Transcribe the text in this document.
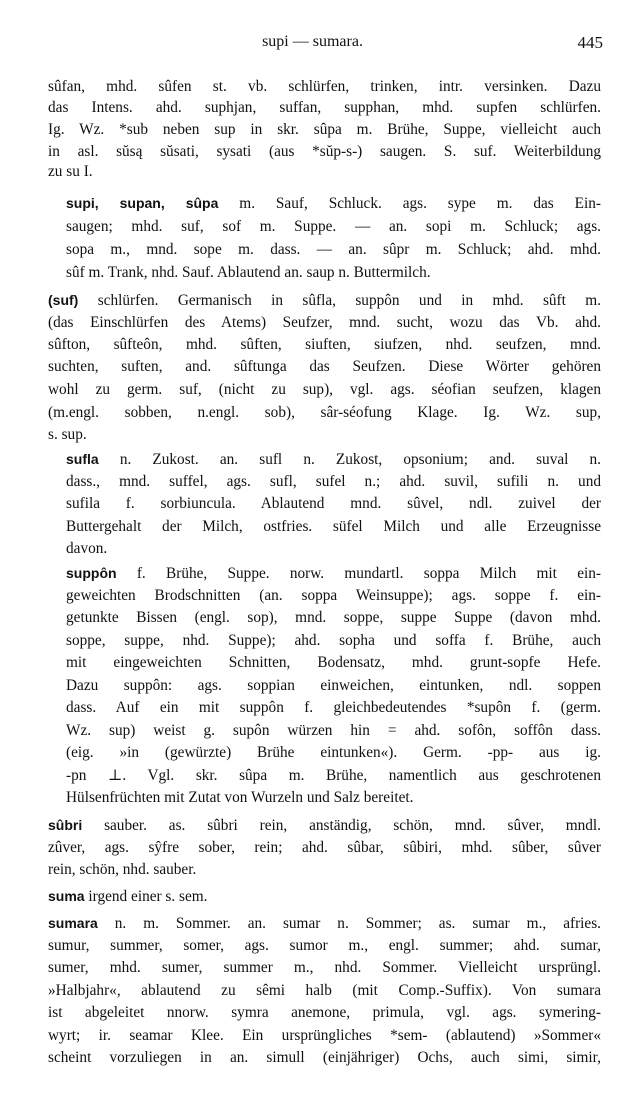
supi — sumara.	445
sûfan, mhd. sûfen st. vb. schlürfen, trinken, intr. versinken. Dazu
das Intens. ahd. suphjan, suffan, supphan, mhd. supfen schlürfen.
Ig. Wz. *sub neben sup in skr. sûpa m. Brühe, Suppe, vielleicht auch
in asl. sŭsą sŭsati, sysati (aus *sŭp-s-) saugen. S. suf. Weiterbildung
zu su I.
supi, supan, sûpa m. Sauf, Schluck. ags. sype m. das Ein-
saugen; mhd. suf, sof m. Suppe. — an. sopi m. Schluck; ags.
sopa m., mnd. sope m. dass. — an. sûpr m. Schluck; ahd. mhd.
sûf m. Trank, nhd. Sauf. Ablautend an. saup n. Buttermilch.
(suf) schlürfen. Germanisch in sûfla, suppôn und in mhd. sûft m.
(das Einschlürfen des Atems) Seufzer, mnd. sucht, wozu das Vb. ahd.
sûfton, sûfteôn, mhd. sûften, siuften, siufzen, nhd. seufzen, mnd.
suchten, suften, and. sûftunga das Seufzen. Diese Wörter gehören
wohl zu germ. suf, (nicht zu sup), vgl. ags. séofian seufzen, klagen
(m.engl. sobben, n.engl. sob), sâr-séofung Klage. Ig. Wz. sup,
s. sup.
sufla n. Zukost. an. sufl n. Zukost, opsonium; and. suval n.
dass., mnd. suffel, ags. sufl, sufel n.; ahd. suvil, sufili n. und
sufila f. sorbiuncula. Ablautend mnd. sûvel, ndl. zuivel der
Buttergehalt der Milch, ostfries. süfel Milch und alle Erzeugnisse
davon.
suppôn f. Brühe, Suppe. norw. mundartl. soppa Milch mit ein-
geweichten Brodschnitten (an. soppa Weinsuppe); ags. soppe f. ein-
getunkte Bissen (engl. sop), mnd. soppe, suppe Suppe (davon mhd.
soppe, suppe, nhd. Suppe); ahd. sopha und soffa f. Brühe, auch
mit eingeweichten Schnitten, Bodensatz, mhd. grunt-sopfe Hefe.
Dazu suppôn: ags. soppian einweichen, eintunken, ndl. soppen
dass. Auf ein mit suppôn f. gleichbedeutendes *supôn f. (germ.
Wz. sup) weist g. supôn würzen hin = ahd. sofôn, soffôn dass.
(eig. »in (gewürzte) Brühe eintunken«). Germ. -pp- aus ig.
-pn ⊥. Vgl. skr. sûpa m. Brühe, namentlich aus geschrotenen
Hülsenfrüchten mit Zutat von Wurzeln und Salz bereitet.
sûbri sauber. as. sûbri rein, anständig, schön, mnd. sûver, mndl.
zûver, ags. sŷfre sober, rein; ahd. sûbar, sûbiri, mhd. sûber, sûver
rein, schön, nhd. sauber.
suma irgend einer s. sem.
sumara n. m. Sommer. an. sumar n. Sommer; as. sumar m., afries.
sumur, summer, somer, ags. sumor m., engl. summer; ahd. sumar,
sumer, mhd. sumer, summer m., nhd. Sommer. Vielleicht ursprüngl.
»Halbjahr«, ablautend zu sêmi halb (mit Comp.-Suffix). Von sumara
ist abgeleitet nnorw. symra anemone, primula, vgl. ags. symering-
wyrt; ir. seamar Klee. Ein ursprüngliches *sem- (ablautend) »Sommer«
scheint vorzuliegen in an. simull (einjähriger) Ochs, auch simi, simir,
